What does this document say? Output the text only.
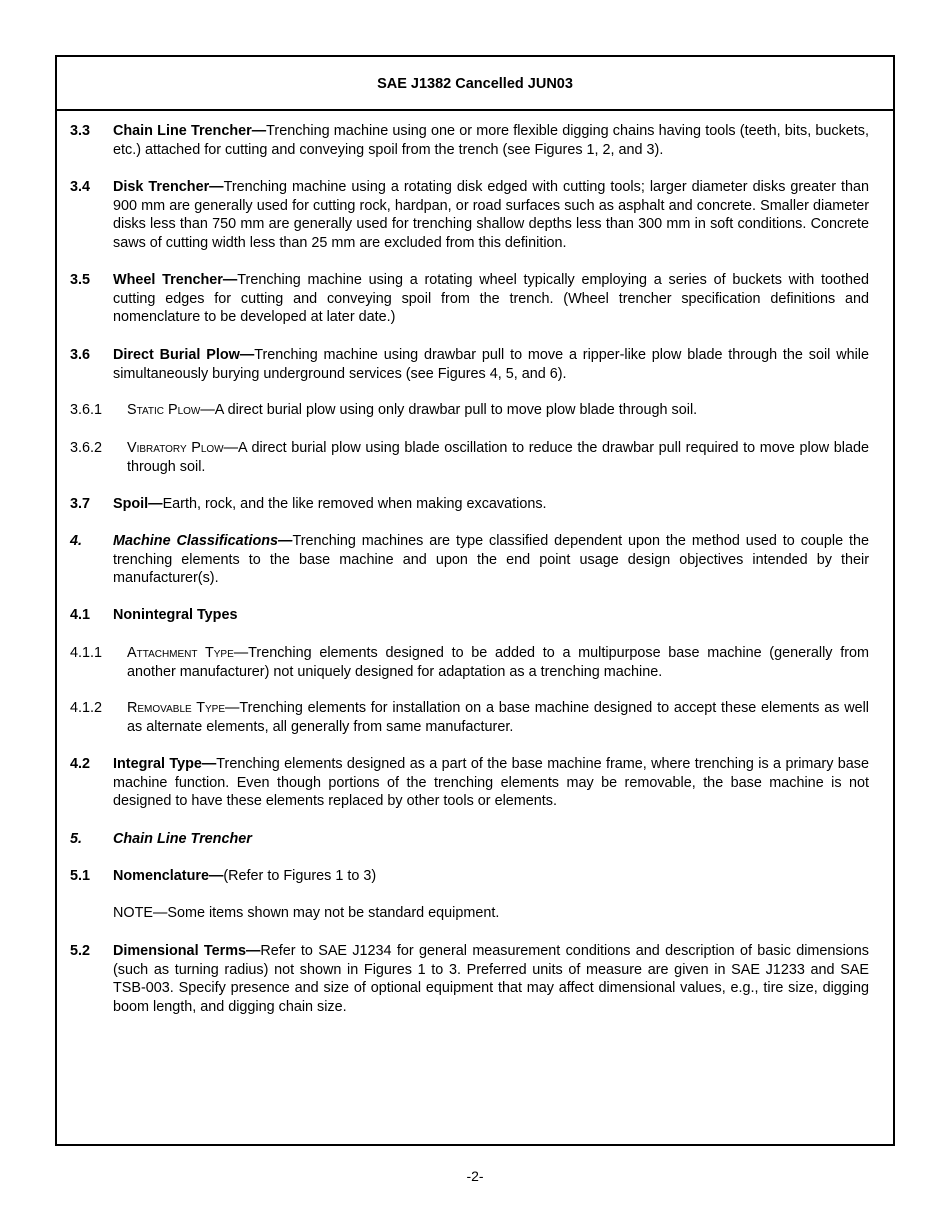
SAE J1382 Cancelled JUN03
3.3 Chain Line Trencher—Trenching machine using one or more flexible digging chains having tools (teeth, bits, buckets, etc.) attached for cutting and conveying spoil from the trench (see Figures 1, 2, and 3).
3.4 Disk Trencher—Trenching machine using a rotating disk edged with cutting tools; larger diameter disks greater than 900 mm are generally used for cutting rock, hardpan, or road surfaces such as asphalt and concrete. Smaller diameter disks less than 750 mm are generally used for trenching shallow depths less than 300 mm in soft conditions. Concrete saws of cutting width less than 25 mm are excluded from this definition.
3.5 Wheel Trencher—Trenching machine using a rotating wheel typically employing a series of buckets with toothed cutting edges for cutting and conveying spoil from the trench. (Wheel trencher specification definitions and nomenclature to be developed at later date.)
3.6 Direct Burial Plow—Trenching machine using drawbar pull to move a ripper-like plow blade through the soil while simultaneously burying underground services (see Figures 4, 5, and 6).
3.6.1 Static Plow—A direct burial plow using only drawbar pull to move plow blade through soil.
3.6.2 Vibratory Plow—A direct burial plow using blade oscillation to reduce the drawbar pull required to move plow blade through soil.
3.7 Spoil—Earth, rock, and the like removed when making excavations.
4. Machine Classifications—Trenching machines are type classified dependent upon the method used to couple the trenching elements to the base machine and upon the end point usage design objectives intended by their manufacturer(s).
4.1 Nonintegral Types
4.1.1 Attachment Type—Trenching elements designed to be added to a multipurpose base machine (generally from another manufacturer) not uniquely designed for adaptation as a trenching machine.
4.1.2 Removable Type—Trenching elements for installation on a base machine designed to accept these elements as well as alternate elements, all generally from same manufacturer.
4.2 Integral Type—Trenching elements designed as a part of the base machine frame, where trenching is a primary base machine function. Even though portions of the trenching elements may be removable, the base machine is not designed to have these elements replaced by other tools or elements.
5. Chain Line Trencher
5.1 Nomenclature—(Refer to Figures 1 to 3)
NOTE—Some items shown may not be standard equipment.
5.2 Dimensional Terms—Refer to SAE J1234 for general measurement conditions and description of basic dimensions (such as turning radius) not shown in Figures 1 to 3. Preferred units of measure are given in SAE J1233 and SAE TSB-003. Specify presence and size of optional equipment that may affect dimensional values, e.g., tire size, digging boom length, and digging chain size.
-2-
